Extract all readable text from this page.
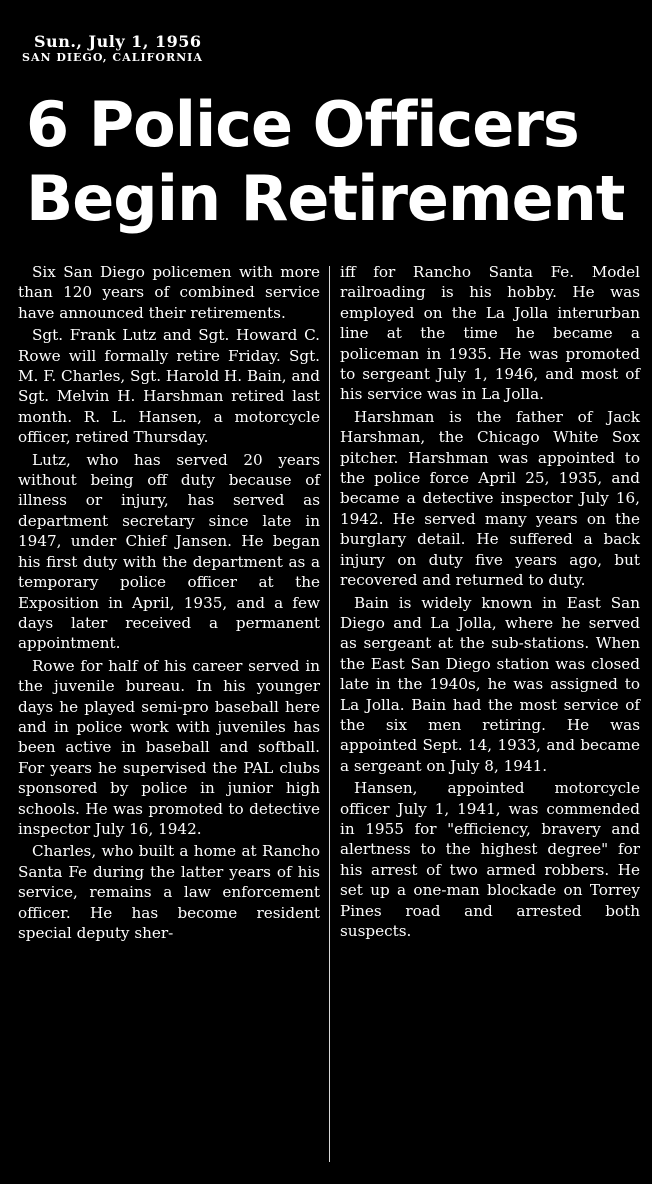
Sun., July 1, 1956
SAN DIEGO, CALIFORNIA
6 Police Officers
Begin Retirement

Six San Diego policemen with more than 120 years of combined service have announced their retirements.

Sgt. Frank Lutz and Sgt. Howard C. Rowe will formally retire Friday. Sgt. M. F. Charles, Sgt. Harold H. Bain, and Sgt. Melvin H. Harshman retired last month. R. L. Hansen, a motorcycle officer, retired Thursday.

Lutz, who has served 20 years without being off duty because of illness or injury, has served as department secretary since late in 1947, under Chief Jansen. He began his first duty with the department as a temporary police officer at the Exposition in April, 1935, and a few days later received a permanent appointment.

Rowe for half of his career served in the juvenile bureau. In his younger days he played semi-pro baseball here and in police work with juveniles has been active in baseball and softball. For years he supervised the PAL clubs sponsored by police in junior high schools. He was promoted to detective inspector July 16, 1942.

Charles, who built a home at Rancho Santa Fe during the latter years of his service, remains a law enforcement officer. He has become resident special deputy sher-

iff for Rancho Santa Fe. Model railroading is his hobby. He was employed on the La Jolla interurban line at the time he became a policeman in 1935. He was promoted to sergeant July 1, 1946, and most of his service was in La Jolla.

Harshman is the father of Jack Harshman, the Chicago White Sox pitcher. Harshman was appointed to the police force April 25, 1935, and became a detective inspector July 16, 1942. He served many years on the burglary detail. He suffered a back injury on duty five years ago, but recovered and returned to duty.

Bain is widely known in East San Diego and La Jolla, where he served as sergeant at the sub-stations. When the East San Diego station was closed late in the 1940s, he was assigned to La Jolla. Bain had the most service of the six men retiring. He was appointed Sept. 14, 1933, and became a sergeant on July 8, 1941.

Hansen, appointed motorcycle officer July 1, 1941, was commended in 1955 for "efficiency, bravery and alertness to the highest degree" for his arrest of two armed robbers. He set up a one-man blockade on Torrey Pines road and arrested both suspects.
